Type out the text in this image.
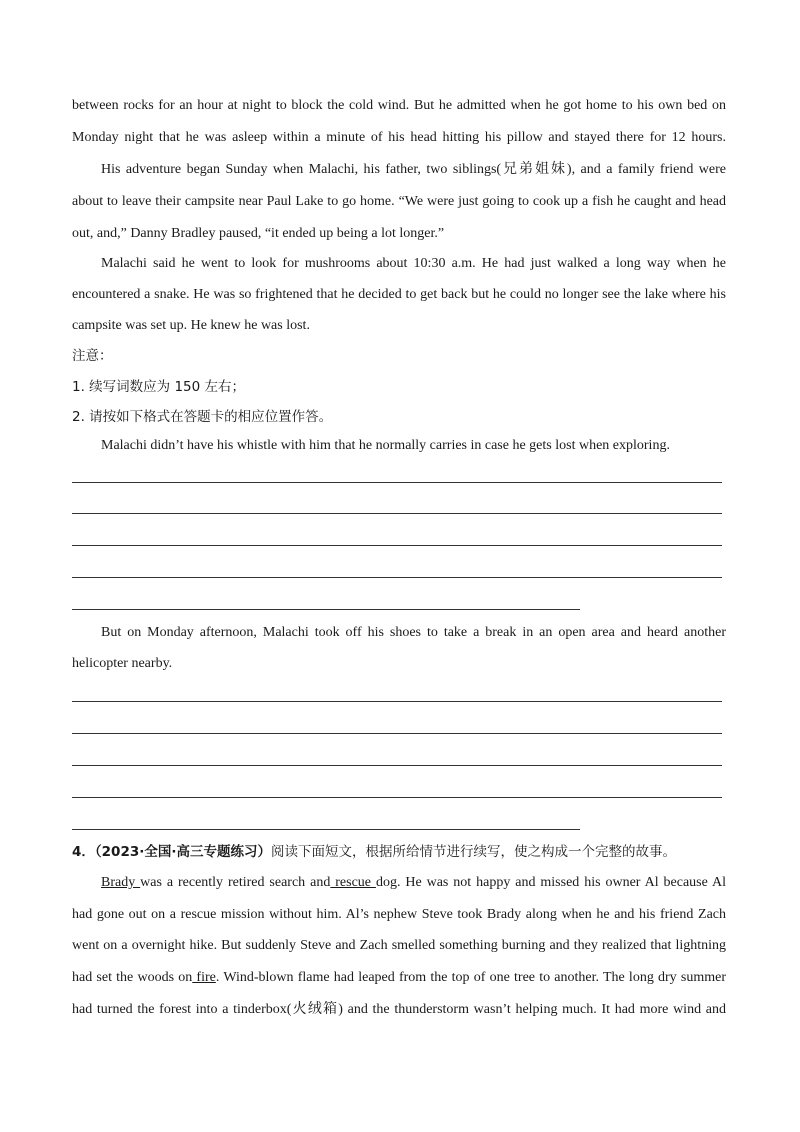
between rocks for an hour at night to block the cold wind. But he admitted when he got home to his own bed on
Monday night that he was asleep within a minute of his head hitting his pillow and stayed there for 12 hours.
His adventure began Sunday when Malachi, his father, two siblings(兄弟姐妹), and a family friend were
about to leave their campsite near Paul Lake to go home. “We were just going to cook up a fish he caught and head
out, and,” Danny Bradley paused, “it ended up being a lot longer.”
Malachi said he went to look for mushrooms about 10:30 a.m. He had just walked a long way when he
encountered a snake. He was so frightened that he decided to get back but he could no longer see the lake where his
campsite was set up. He knew he was lost.
注意：
1. 续写词数应为 150 左右；
2. 请按如下格式在答题卡的相应位置作答。
Malachi didn’t have his whistle with him that he normally carries in case he gets lost when exploring.
But on Monday afternoon, Malachi took off his shoes to take a break in an open area and heard another
helicopter nearby.
4．（2023·全国·高三专题练习）阅读下面短文，根据所给情节进行续写，使之构成一个完整的故事。
Brady was a recently retired search and rescue dog. He was not happy and missed his owner Al because Al
had gone out on a rescue mission without him. Al’s nephew Steve took Brady along when he and his friend Zach
went on a overnight hike. But suddenly Steve and Zach smelled something burning and they realized that lightning
had set the woods on fire. Wind-blown flame had leaped from the top of one tree to another. The long dry summer
had turned the forest into a tinderbox(火绒箱) and the thunderstorm wasn’t helping much. It had more wind and
